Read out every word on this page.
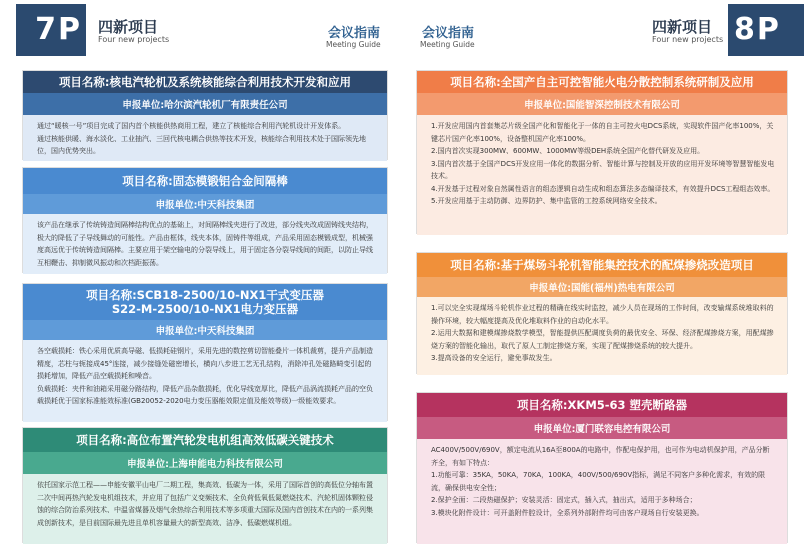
7P 四新项目
Four new projects	会议指南
Meeting Guide
项目名称:核电汽轮机及系统核能综合利用技术开发和应用
申报单位:哈尔滨汽轮机厂有限责任公司

通过“暖核一号”项目完成了国内首个核能供热商用工程，建立了核能综合利用汽轮机设计开发体系。

通过核能供暖、海水淡化、工业抽汽、三回代核电耦合供热等技术开发，核能综合利用技术处于国际领先地位，国内优势突出。

项目名称:固态模锻铝合金间隔棒
申报单位:中天科技集团

该产品在继承了传统铸造间隔棒结构优点的基础上，对间隔棒线夹进行了改进，部分线夹改成固铸线夹结构，极大的降低了子导线舞动的可能性。产品由框体，线夹本体，固铸件等组成，产品采用固态模锻成型，机械强度高远优于传统铸造间隔棒。主要应用于架空输电的分裂导线上，用于固定各分裂导线间的间距，以防止导线互相鞭击、抑制微风振动和次档距振荡。

项目名称:SCB18-2500/10-NX1干式变压器
S22-M-2500/10-NX1电力变压器
申报单位:中天科技集团

各空载损耗：铁心采用优质高导磁、低损耗硅钢片，采用先进的数控剪切智能叠片一体机裁剪，提升产品制造精度，芯柱与轭接成45°连接，减少接缝处磁密增长，横向八步进工艺无孔结构，消除冲孔处磁路畸变引起的损耗增加，降低产品空载损耗和噪音。

负载损耗：夹件和油箱采用磁分路结构，降低产品杂散损耗，优化导线宽厚比，降低产品涡流损耗产品的空负载损耗优于国家标准能效标准(GB20052-2020电力变压器能效限定值及能效等级)一级能效要求。

项目名称:高位布置汽轮发电机组高效低碳关键技术
申报单位:上海申能电力科技有限公司

依托国家示范工程——申能安徽平山电厂二期工程，集高效、低碳为一体，采用了国际首创的高低位分轴布置二次中间再热汽轮发电机组技术，并应用了包括广义变频技术、全负荷低氧低氮燃烧技术、汽轮机固体颗粒侵蚀的综合防治系列技术、中温省煤器及烟气余热综合利用技术等多项重大国际及国内首创技术在内的一系列集成创新技术，是目前国际最先进且单机容量最大的新型高效、洁净、低碳燃煤机组。

会议指南
Meeting Guide
四新项目
Four new projects 8P
项目名称:全国产自主可控智能火电分散控制系统研制及应用
申报单位:国能智深控制技术有限公司

1.开发应用国内首套集芯片级全国产化和智能化于一体的自主可控火电DCS系统，实现软件国产化率100%，关键芯片国产化率100%，设备整机国产化率100%。

2.国内首次实现300MW、600MW、1000MW等级DEH系统全国产化替代研发及应用。

3.国内首次基于全国产DCS开发应用一体化的数据分析、智能计算与控制及开放的应用开发环境等智慧智能发电技术。

4.开发基于过程对象自然属性语言的组态逻辑自动生成和组态算法多态编译技术，有效提升DCS工程组态效率。

5.开发应用基于主动防御、边界防护、集中监管的工控系统网络安全技术。

项目名称:基于煤场斗轮机智能集控技术的配煤掺烧改造项目
申报单位:国能(福州)热电有限公司

1.可以完全实现煤场斗轮机作业过程的精确在线实时监控，减少人员在现场的工作时间，改变输煤系统堆取料的操作环境，较大幅度提高及优化堆取料作业的自动化水平。

2.运用大数据和建模煤掺烧数学模型，智能提供匹配调度负荷的最优安全、环保、经济配煤掺烧方案，用配煤掺烧方案的智能化输出，取代了原人工制定掺烧方案，实现了配煤掺烧系统的较大提升。

3.提高设备的安全运行，避免事故发生。

项目名称:XKM5-63 塑壳断路器
申报单位:厦门联容电控有限公司

AC400V/500V/690V，额定电流从16A至800A的电路中，作配电保护用，也可作为电动机保护用，产品分断齐全，有如下特点：

1.功能可靠：35KA，50KA，70KA，100KA，400V/500/690V指标，满足不同客户多种化需求，有效的限流，确保供电安全性；

2.保护全面：二段热磁保护；安装灵活：固定式，插入式，抽出式，适用于多种场合；

3.模块化附件设计：可开盖附件腔设计，全系列外部附件均可由客户现场自行安装更换。
